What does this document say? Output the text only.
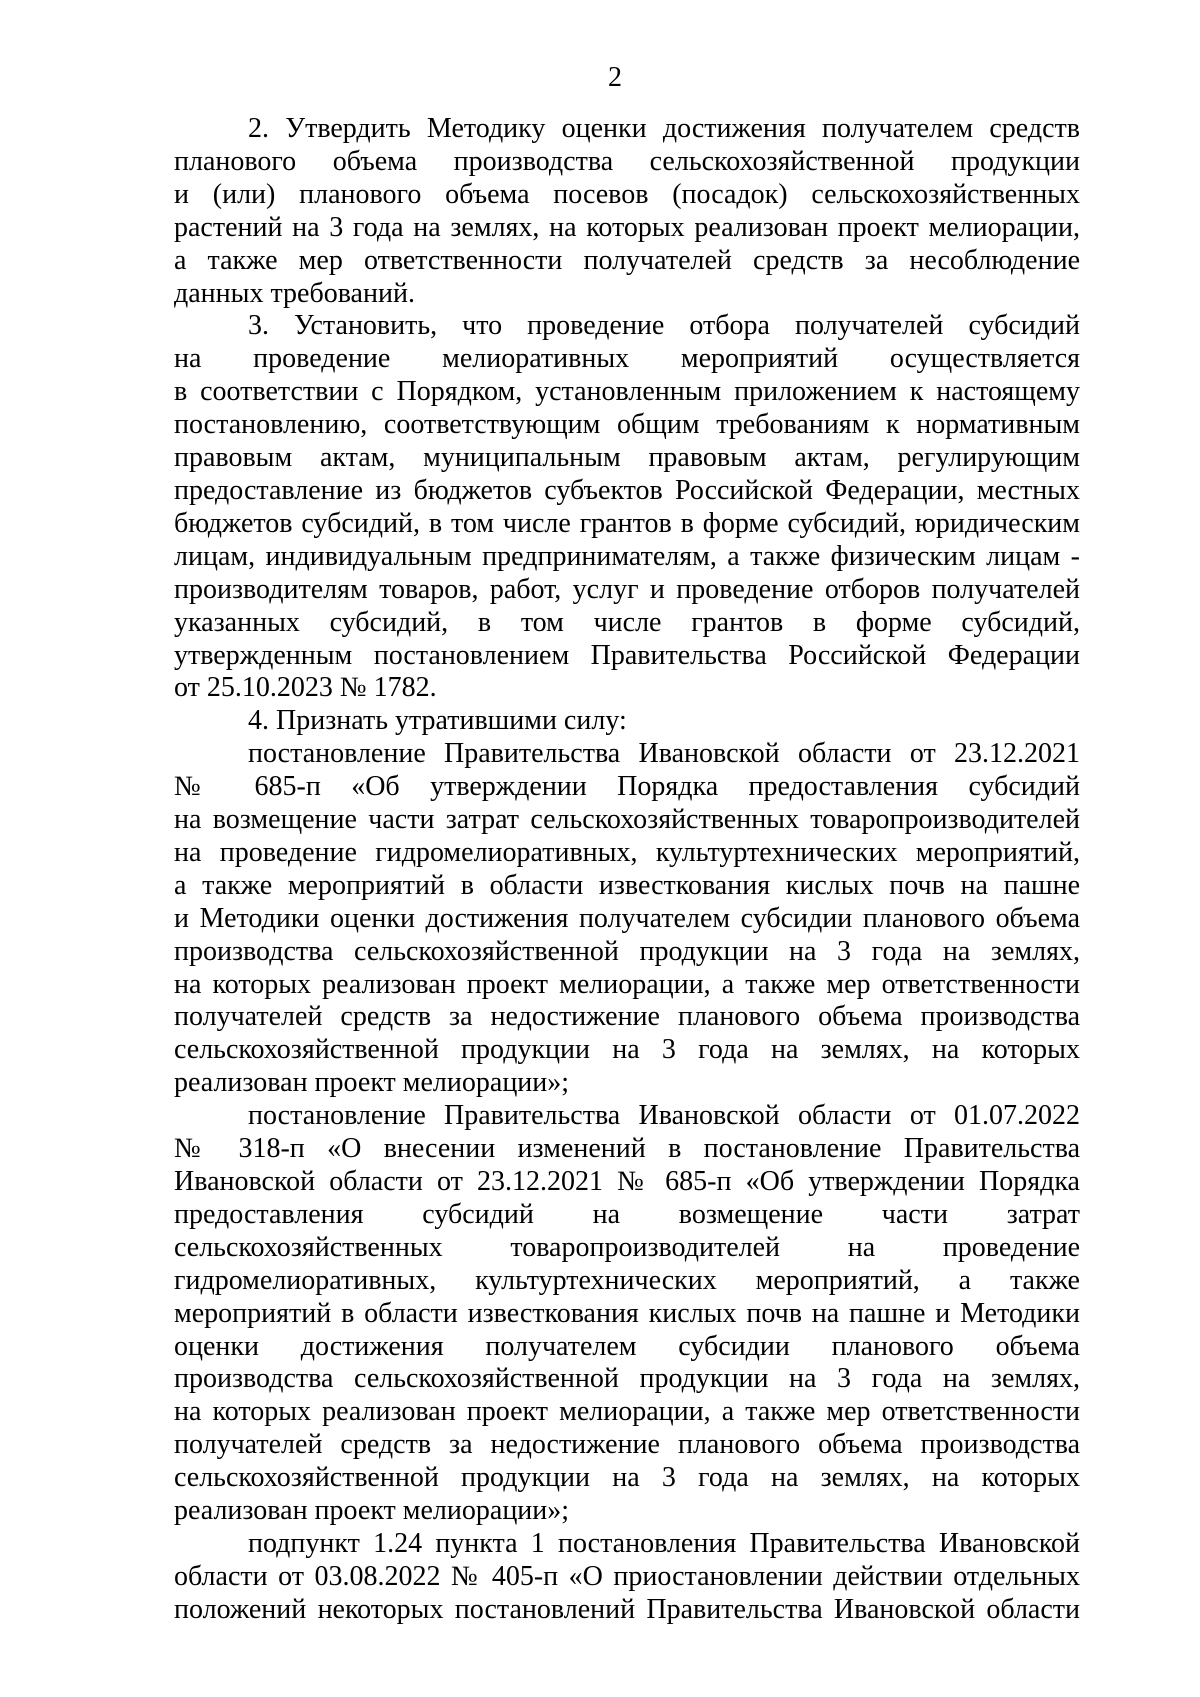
2
2. Утвердить Методику оценки достижения получателем средств
планового объема производства сельскохозяйственной продукции
и (или) планового объема посевов (посадок) сельскохозяйственных
растений на 3 года на землях, на которых реализован проект мелиорации,
а также мер ответственности получателей средств за несоблюдение
данных требований.
3. Установить, что проведение отбора получателей субсидий
на проведение мелиоративных мероприятий осуществляется
в соответствии с Порядком, установленным приложением к настоящему
постановлению, соответствующим общим требованиям к нормативным
правовым актам, муниципальным правовым актам, регулирующим
предоставление из бюджетов субъектов Российской Федерации, местных
бюджетов субсидий, в том числе грантов в форме субсидий, юридическим
лицам, индивидуальным предпринимателям, а также физическим лицам -
производителям товаров, работ, услуг и проведение отборов получателей
указанных субсидий, в том числе грантов в форме субсидий,
утвержденным постановлением Правительства Российской Федерации
от 25.10.2023 № 1782.
4. Признать утратившими силу:
постановление Правительства Ивановской области от 23.12.2021
№ 685-п «Об утверждении Порядка предоставления субсидий
на возмещение части затрат сельскохозяйственных товаропроизводителей
на проведение гидромелиоративных, культуртехнических мероприятий,
а также мероприятий в области известкования кислых почв на пашне
и Методики оценки достижения получателем субсидии планового объема
производства сельскохозяйственной продукции на 3 года на землях,
на которых реализован проект мелиорации, а также мер ответственности
получателей средств за недостижение планового объема производства
сельскохозяйственной продукции на 3 года на землях, на которых
реализован проект мелиорации»;
постановление Правительства Ивановской области от 01.07.2022
№ 318-п «О внесении изменений в постановление Правительства
Ивановской области от 23.12.2021 № 685-п «Об утверждении Порядка
предоставления субсидий на возмещение части затрат
сельскохозяйственных товаропроизводителей на проведение
гидромелиоративных, культуртехнических мероприятий, а также
мероприятий в области известкования кислых почв на пашне и Методики
оценки достижения получателем субсидии планового объема
производства сельскохозяйственной продукции на 3 года на землях,
на которых реализован проект мелиорации, а также мер ответственности
получателей средств за недостижение планового объема производства
сельскохозяйственной продукции на 3 года на землях, на которых
реализован проект мелиорации»;
подпункт 1.24 пункта 1 постановления Правительства Ивановской
области от 03.08.2022 № 405-п «О приостановлении действии отдельных
положений некоторых постановлений Правительства Ивановской области
